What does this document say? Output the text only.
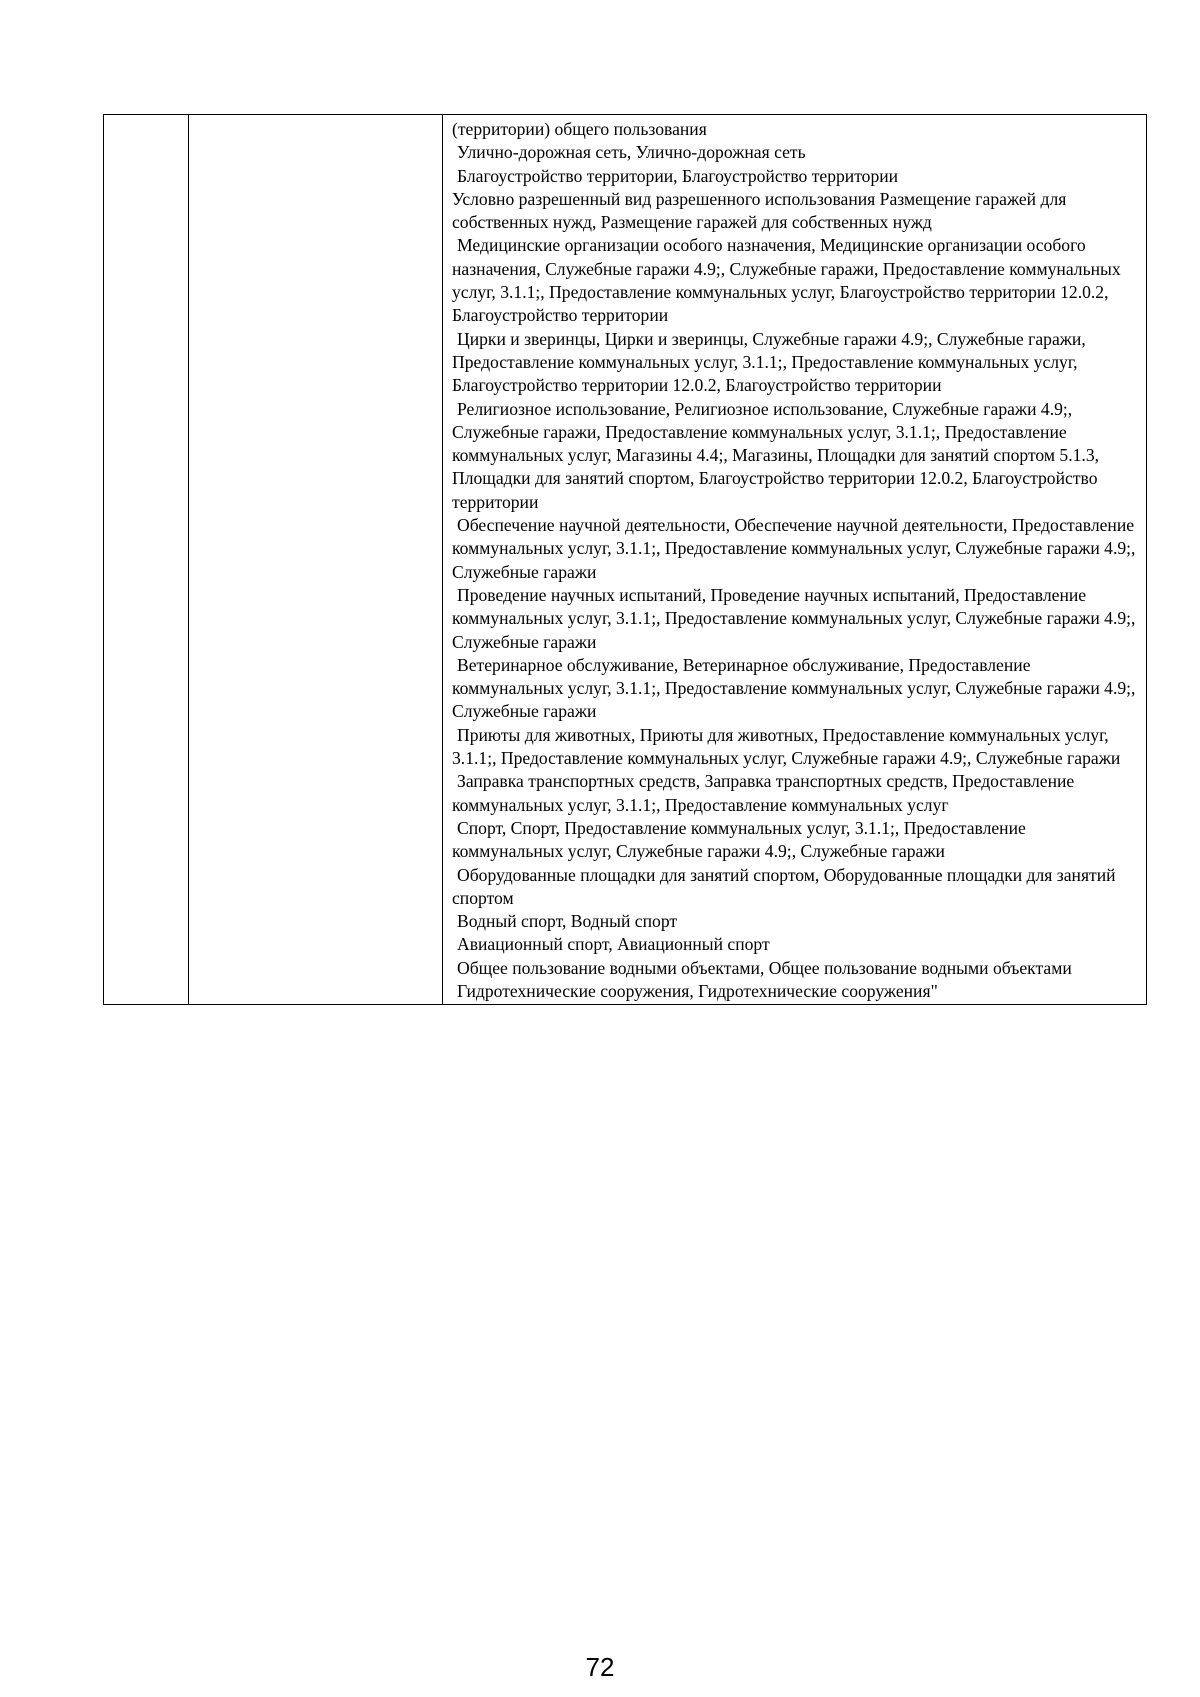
(территории) общего пользования

Улично-дорожная сеть, Улично-дорожная сеть

Благоустройство территории, Благоустройство территории

Условно разрешенный вид разрешенного использования Размещение гаражей для собственных нужд, Размещение гаражей для собственных нужд

Медицинские организации особого назначения, Медицинские организации особого назначения, Служебные гаражи 4.9;, Служебные гаражи, Предоставление коммунальных услуг, 3.1.1;, Предоставление коммунальных услуг, Благоустройство территории 12.0.2, Благоустройство территории

Цирки и зверинцы, Цирки и зверинцы, Служебные гаражи 4.9;, Служебные гаражи, Предоставление коммунальных услуг, 3.1.1;, Предоставление коммунальных услуг, Благоустройство территории 12.0.2, Благоустройство территории

Религиозное использование, Религиозное использование, Служебные гаражи 4.9;, Служебные гаражи, Предоставление коммунальных услуг, 3.1.1;, Предоставление коммунальных услуг, Магазины 4.4;, Магазины, Площадки для занятий спортом 5.1.3, Площадки для занятий спортом, Благоустройство территории 12.0.2, Благоустройство территории

Обеспечение научной деятельности, Обеспечение научной деятельности, Предоставление коммунальных услуг, 3.1.1;, Предоставление коммунальных услуг, Служебные гаражи 4.9;, Служебные гаражи

Проведение научных испытаний, Проведение научных испытаний, Предоставление коммунальных услуг, 3.1.1;, Предоставление коммунальных услуг, Служебные гаражи 4.9;, Служебные гаражи

Ветеринарное обслуживание, Ветеринарное обслуживание, Предоставление коммунальных услуг, 3.1.1;, Предоставление коммунальных услуг, Служебные гаражи 4.9;, Служебные гаражи

Приюты для животных, Приюты для животных, Предоставление коммунальных услуг, 3.1.1;, Предоставление коммунальных услуг, Служебные гаражи 4.9;, Служебные гаражи

Заправка транспортных средств, Заправка транспортных средств, Предоставление коммунальных услуг, 3.1.1;, Предоставление коммунальных услуг

Спорт, Спорт, Предоставление коммунальных услуг, 3.1.1;, Предоставление коммунальных услуг, Служебные гаражи 4.9;, Служебные гаражи

Оборудованные площадки для занятий спортом, Оборудованные площадки для занятий спортом

Водный спорт, Водный спорт

Авиационный спорт, Авиационный спорт

Общее пользование водными объектами, Общее пользование водными объектами

Гидротехнические сооружения, Гидротехнические сооружения"

72
